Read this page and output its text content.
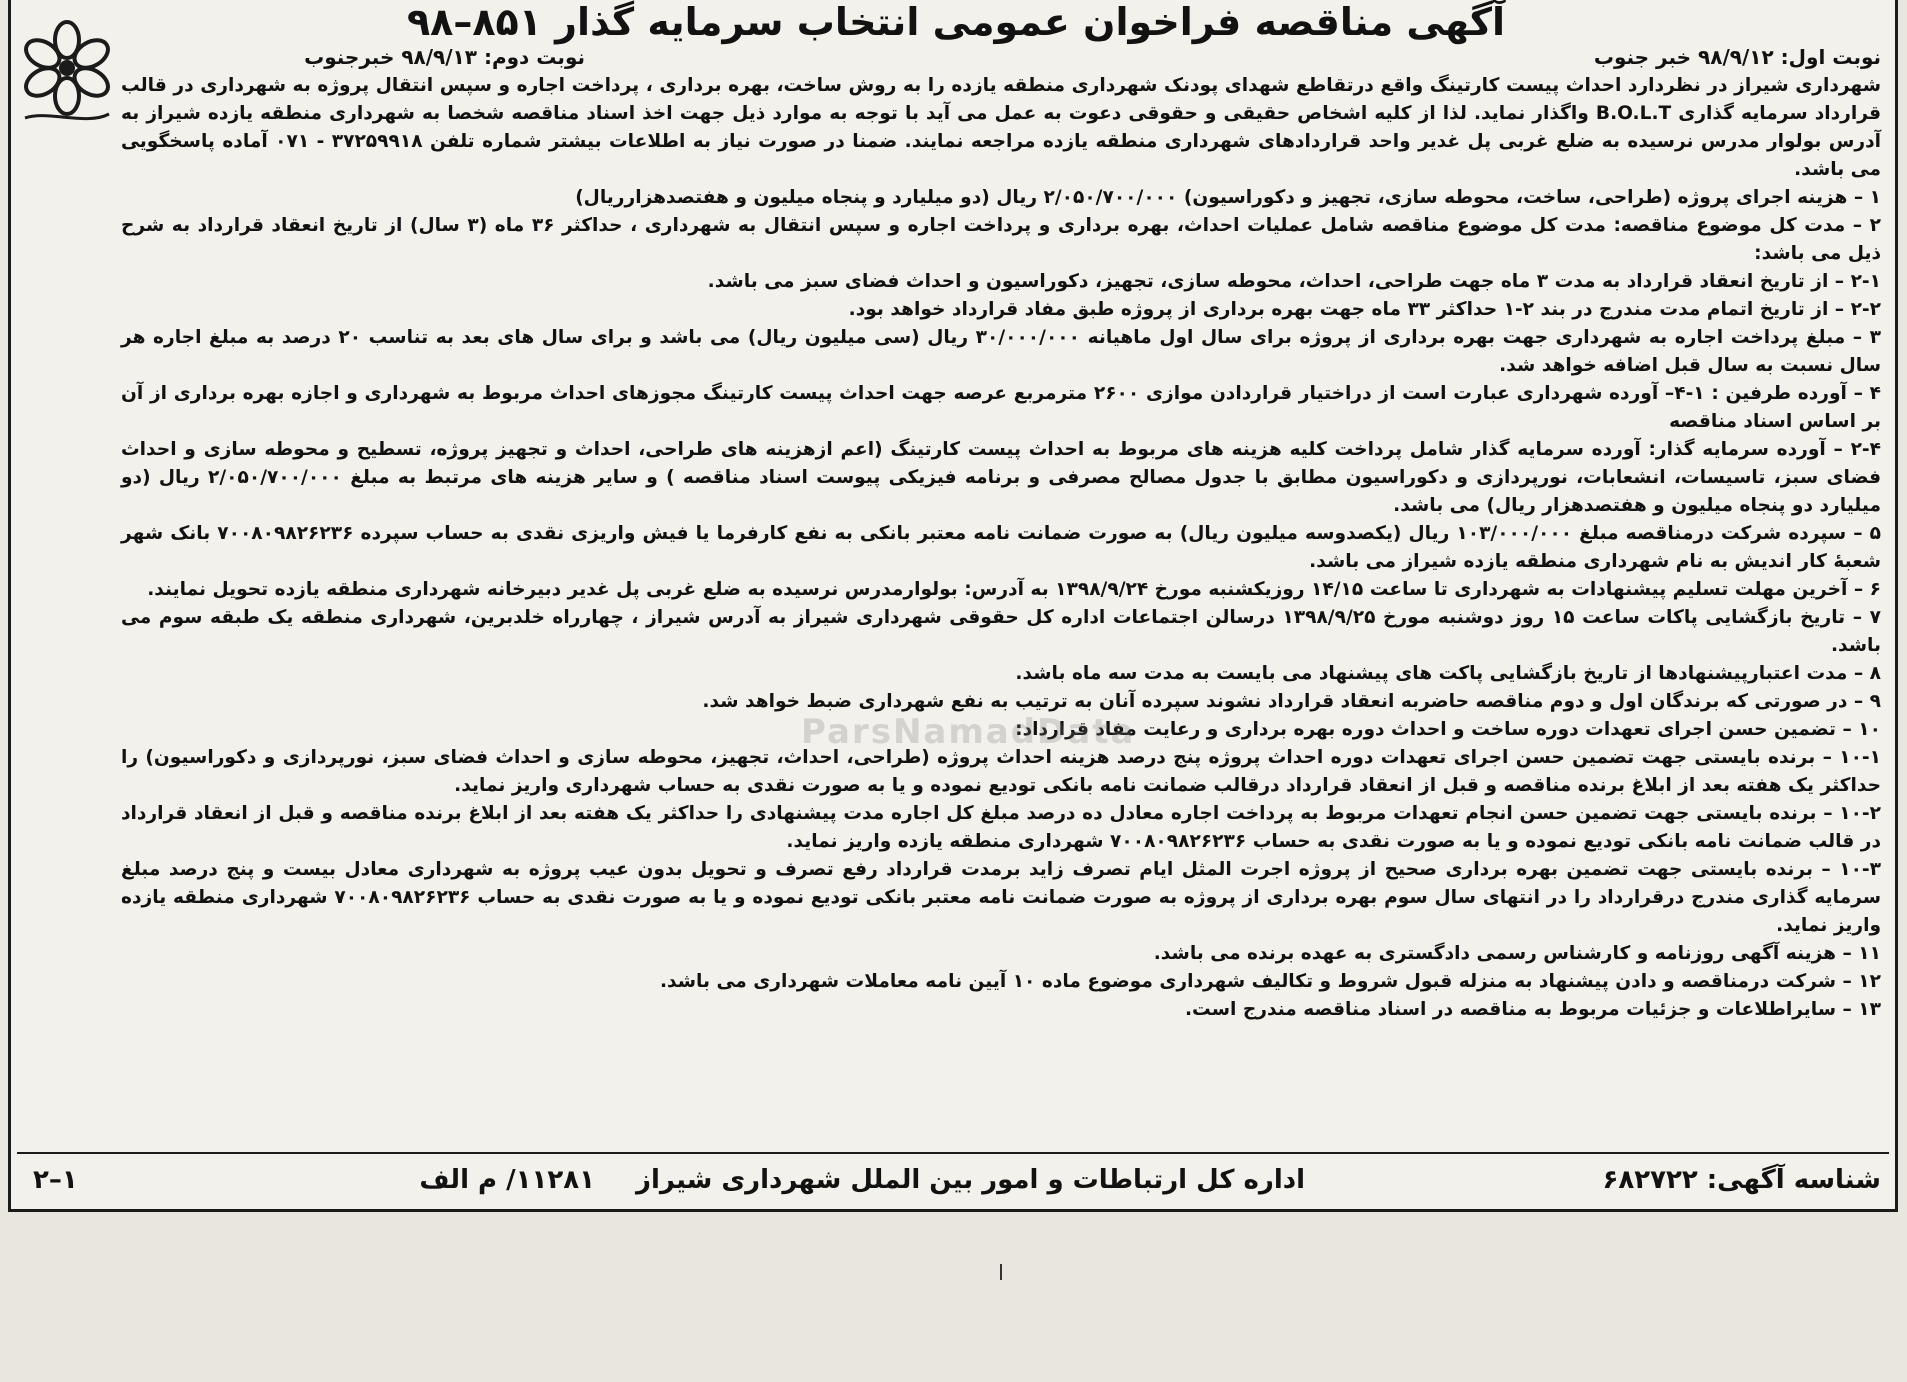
آگهی مناقصه فراخوان عمومی انتخاب سرمایه گذار ۸۵۱–۹۸
نوبت اول: ۹۸/۹/۱۲ خبر جنوب
نوبت دوم: ۹۸/۹/۱۳ خبرجنوب

شهرداری شیراز در نظردارد احداث پیست کارتینگ واقع درتقاطع شهدای پودنک شهرداری منطقه یازده را به روش ساخت، بهره برداری ، پرداخت اجاره و سپس انتقال پروژه به شهرداری در قالب قرارداد سرمایه گذاری B.O.L.T واگذار نماید. لذا از کلیه اشخاص حقیقی و حقوقی دعوت به عمل می آید با توجه به موارد ذیل جهت اخذ اسناد مناقصه شخصا به شهرداری منطقه یازده شیراز به آدرس بولوار مدرس نرسیده به ضلع غربی پل غدیر واحد قراردادهای شهرداری منطقه یازده مراجعه نمایند. ضمنا در صورت نیاز به اطلاعات بیشتر شماره تلفن ۳۷۲۵۹۹۱۸ - ۰۷۱ آماده پاسخگویی می باشد.

۱ – هزینه اجرای پروژه (طراحی، ساخت، محوطه سازی، تجهیز و دکوراسیون) ۲/۰۵۰/۷۰۰/۰۰۰ ریال (دو میلیارد و پنجاه میلیون و هفتصدهزارریال)

۲ – مدت کل موضوع مناقصه: مدت کل موضوع مناقصه شامل عملیات احداث، بهره برداری و پرداخت اجاره و سپس انتقال به شهرداری ، حداکثر ۳۶ ماه (۳ سال) از تاریخ انعقاد قرارداد به شرح ذیل می باشد:

۲-۱ – از تاریخ انعقاد قرارداد به مدت ۳ ماه جهت طراحی، احداث، محوطه سازی، تجهیز، دکوراسیون و احداث فضای سبز می باشد.

۲-۲ – از تاریخ اتمام مدت مندرج در بند ۲-۱ حداکثر ۳۳ ماه جهت بهره برداری از پروژه طبق مفاد قرارداد خواهد بود.

۳ – مبلغ پرداخت اجاره به شهرداری جهت بهره برداری از پروژه برای سال اول ماهیانه ۳۰/۰۰۰/۰۰۰ ریال (سی میلیون ریال) می باشد و برای سال های بعد به تناسب ۲۰ درصد به مبلغ اجاره هر سال نسبت به سال قبل اضافه خواهد شد.

۴ – آورده طرفین : ۱-۴– آورده شهرداری عبارت است از دراختیار قراردادن موازی ۲۶۰۰ مترمربع عرصه جهت احداث پیست کارتینگ مجوزهای احداث مربوط به شهرداری و اجازه بهره برداری از آن بر اساس اسناد مناقصه

۲-۴ – آورده سرمایه گذار: آورده سرمایه گذار شامل پرداخت کلیه هزینه های مربوط به احداث پیست کارتینگ (اعم ازهزینه های طراحی، احداث و تجهیز پروژه، تسطیح و محوطه سازی و احداث فضای سبز، تاسیسات، انشعابات، نورپردازی و دکوراسیون مطابق با جدول مصالح مصرفی و برنامه فیزیکی پیوست اسناد مناقصه ) و سایر هزینه های مرتبط به مبلغ ۲/۰۵۰/۷۰۰/۰۰۰ ریال (دو میلیارد دو پنجاه میلیون و هفتصدهزار ریال) می باشد.

۵ – سپرده شرکت درمناقصه مبلغ ۱۰۳/۰۰۰/۰۰۰ ریال (یکصدوسه میلیون ریال) به صورت ضمانت نامه معتبر بانکی به نفع کارفرما یا فیش واریزی نقدی به حساب سپرده ۷۰۰۸۰۹۸۲۶۲۳۶ بانک شهر شعبهٔ کار اندیش به نام شهرداری منطقه یازده شیراز می باشد.

۶ – آخرین مهلت تسلیم پیشنهادات به شهرداری تا ساعت ۱۴/۱۵ روزیکشنبه مورخ ۱۳۹۸/۹/۲۴ به آدرس: بولوارمدرس نرسیده به ضلع غربی پل غدیر دبیرخانه شهرداری منطقه یازده تحویل نمایند.

۷ – تاریخ بازگشایی پاکات ساعت ۱۵ روز دوشنبه مورخ ۱۳۹۸/۹/۲۵ درسالن اجتماعات اداره کل حقوقی شهرداری شیراز به آدرس شیراز ، چهارراه خلدبرین، شهرداری منطقه یک طبقه سوم می باشد.

۸ – مدت اعتبارپیشنهادها از تاریخ بازگشایی پاکت های پیشنهاد می بایست به مدت سه ماه باشد.

۹ – در صورتی که برندگان اول و دوم مناقصه حاضربه انعقاد قرارداد نشوند سپرده آنان به ترتیب به نفع شهرداری ضبط خواهد شد.

۱۰ – تضمین حسن اجرای تعهدات دوره ساخت و احداث دوره بهره برداری و رعایت مفاد قرارداد:

۱۰-۱ – برنده بایستی جهت تضمین حسن اجرای تعهدات دوره احداث پروژه پنج درصد هزینه احداث پروژه (طراحی، احداث، تجهیز، محوطه سازی و احداث فضای سبز، نورپردازی و دکوراسیون) را حداکثر یک هفته بعد از ابلاغ برنده مناقصه و قبل از انعقاد قرارداد درقالب ضمانت نامه بانکی تودیع نموده و یا به صورت نقدی به حساب شهرداری واریز نماید.

۱۰-۲ – برنده بایستی جهت تضمین حسن انجام تعهدات مربوط به پرداخت اجاره معادل ده درصد مبلغ کل اجاره مدت پیشنهادی را حداکثر یک هفته بعد از ابلاغ برنده مناقصه و قبل از انعقاد قرارداد در قالب ضمانت نامه بانکی تودیع نموده و یا به صورت نقدی به حساب ۷۰۰۸۰۹۸۲۶۲۳۶ شهرداری منطقه یازده واریز نماید.

۱۰-۳ – برنده بایستی جهت تضمین بهره برداری صحیح از پروژه اجرت المثل ایام تصرف زاید برمدت قرارداد رفع تصرف و تحویل بدون عیب پروژه به شهرداری معادل بیست و پنج درصد مبلغ سرمایه گذاری مندرج درقرارداد را در انتهای سال سوم بهره برداری از پروژه به صورت ضمانت نامه معتبر بانکی تودیع نموده و یا به صورت نقدی به حساب ۷۰۰۸۰۹۸۲۶۲۳۶ شهرداری منطقه یازده واریز نماید.

۱۱ – هزینه آگهی روزنامه و کارشناس رسمی دادگستری به عهده برنده می باشد.

۱۲ – شرکت درمناقصه و دادن پیشنهاد به منزله قبول شروط و تکالیف شهرداری موضوع ماده ۱۰ آیین نامه معاملات شهرداری می باشد.

۱۳ – سایراطلاعات و جزئیات مربوط به مناقصه در اسناد مناقصه مندرج است.

ParsNamadData
شناسه آگهی: ۶۸۲۷۲۲
اداره کل ارتباطات و امور بین الملل شهرداری شیراز
۱۱۲۸۱/ م الف
۱–۲
